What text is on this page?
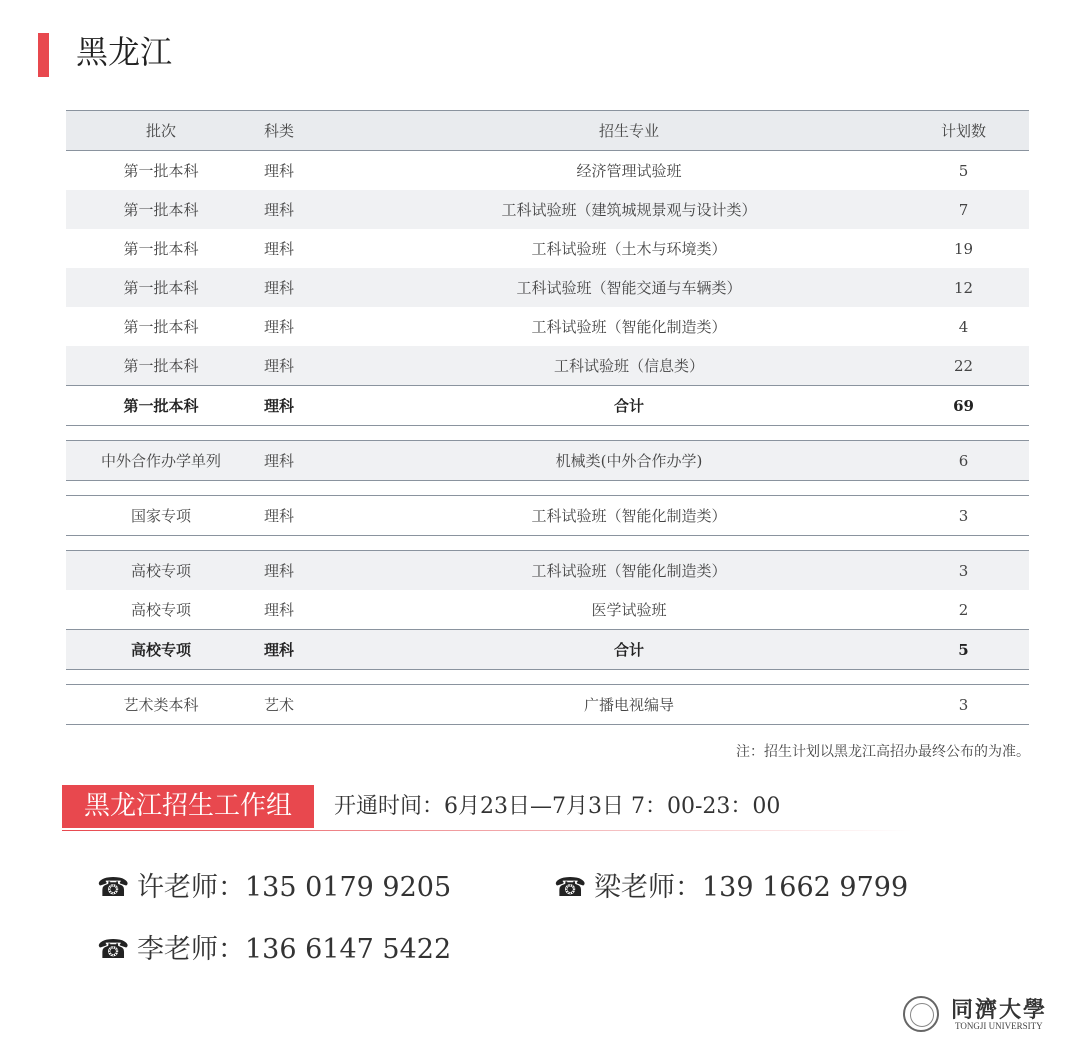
黑龙江
批次	科类	招生专业	计划数
第一批本科	理科	经济管理试验班	5
第一批本科	理科	工科试验班（建筑城规景观与设计类）	7
第一批本科	理科	工科试验班（土木与环境类）	19
第一批本科	理科	工科试验班（智能交通与车辆类）	12
第一批本科	理科	工科试验班（智能化制造类）	4
第一批本科	理科	工科试验班（信息类）	22
第一批本科	理科	合计	69

中外合作办学单列	理科	机械类(中外合作办学)	6

国家专项	理科	工科试验班（智能化制造类）	3

高校专项	理科	工科试验班（智能化制造类）	3
高校专项	理科	医学试验班	2
高校专项	理科	合计	5

艺术类本科	艺术	广播电视编导	3
注：招生计划以黑龙江高招办最终公布的为准。
黑龙江招生工作组	开通时间：6月23日—7月3日 7：00-23：00
☎ 许老师：135 0179 9205	☎ 梁老师：139 1662 9799
☎ 李老师：136 6147 5422
同濟大學
TONGJI UNIVERSITY
